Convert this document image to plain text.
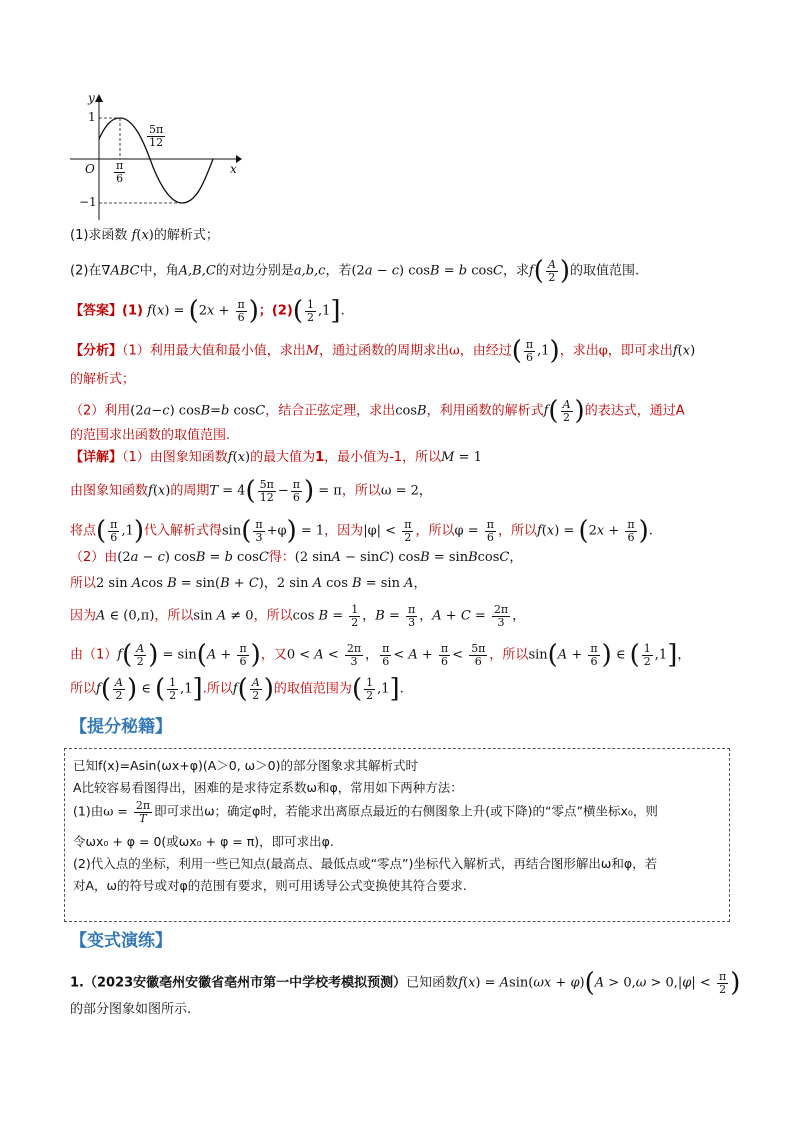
y
x
O
1
−1
$\frac{\pi}{6}$
$\frac{5\pi}{12}$
(1)求函数 f(x)的解析式；
(2)在∇ABC中，角A,B,C的对边分别是a,b,c，若(2a − c) cosB = b cosC，求$f( \frac{A}{2}$ )的取值范围.
【答案】(1) $f(x) = (2x + \frac{\pi}{6}$ )；$(2)( \frac{1}{2} ,1]$.
【分析】（1）利用最大值和最小值，求出M，通过函数的周期求出ω，由经过( $\frac{\pi}{6} ,1$)，求出φ，即可求出f(x)
的解析式；
（2）利用(2a−c) cosB=b cosC，结合正弦定理，求出cosB，利用函数的解析式$f( \frac{A}{2}$ )的表达式，通过A
的范围求出函数的取值范围.
【详解】（1）由图象知函数f(x)的最大值为1，最小值为-1，所以M = 1
由图象知函数f(x)的周期$T = 4( \frac{5\pi}{12} - \frac{\pi}{6}$ ) = π，所以ω = 2，
将点( $\frac{\pi}{6} ,1$)代入解析式得$\sin( \frac{\pi}{3} +\varphi) = 1$，因为$|\varphi| < \frac{\pi}{2}$ ，所以$\varphi = \frac{\pi}{6}$ ，所以$f(x) = (2x + \frac{\pi}{6}$ ).
（2）由(2a − c) cosB = b cosC得：(2 sinA − sinC) cosB = sinBcosC，
所以2 sin Acos B = sin(B + C)，2 sin A cos B = sin A，
因为A ∈ (0,π)，所以sin A ≠ 0，所以$\cos B = \frac{1}{2}$ ，$B = \frac{\pi}{3}$ ，$A + C = \frac{2\pi}{3}$ ，
由$(1)f( \frac{A}{2}$ ) = $\sin(A + \frac{\pi}{6}$ )，又$0 < A < \frac{2\pi}{3}$ ， $\frac{\pi}{6} < A + \frac{\pi}{6} < \frac{5\pi}{6}$ ，所以$\sin(A + \frac{\pi}{6}$ ) ∈ ( $\frac{1}{2} ,1$]，
所以$f( \frac{A}{2}$ ) ∈ ( $\frac{1}{2} ,1$].所以$f( \frac{A}{2}$ )的取值范围为( $\frac{1}{2} ,1$].
【提分秘籍】
已知f(x)=Asin(ωx+φ)(A＞0, ω＞0)的部分图象求其解析式时
A比较容易看图得出，困难的是求待定系数ω和φ，常用如下两种方法：
(1)由$\omega = \frac{2\pi}{T}$ 即可求出ω；确定φ时，若能求出离原点最近的右侧图象上升(或下降)的“零点”横坐标x₀，则
令ωx₀ + φ = 0(或ωx₀ + φ = π)，即可求出φ.
(2)代入点的坐标，利用一些已知点(最高点、最低点或“零点”)坐标代入解析式，再结合图形解出ω和φ，若
对A，ω的符号或对φ的范围有要求，则可用诱导公式变换使其符合要求.
【变式演练】
1.（2023安徽亳州安徽省亳州市第一中学校考模拟预测）已知函数$f(x) = Asin(\omega x + \varphi)(A > 0,\omega > 0,|\varphi| < \frac{\pi}{2}$ )
的部分图象如图所示.
